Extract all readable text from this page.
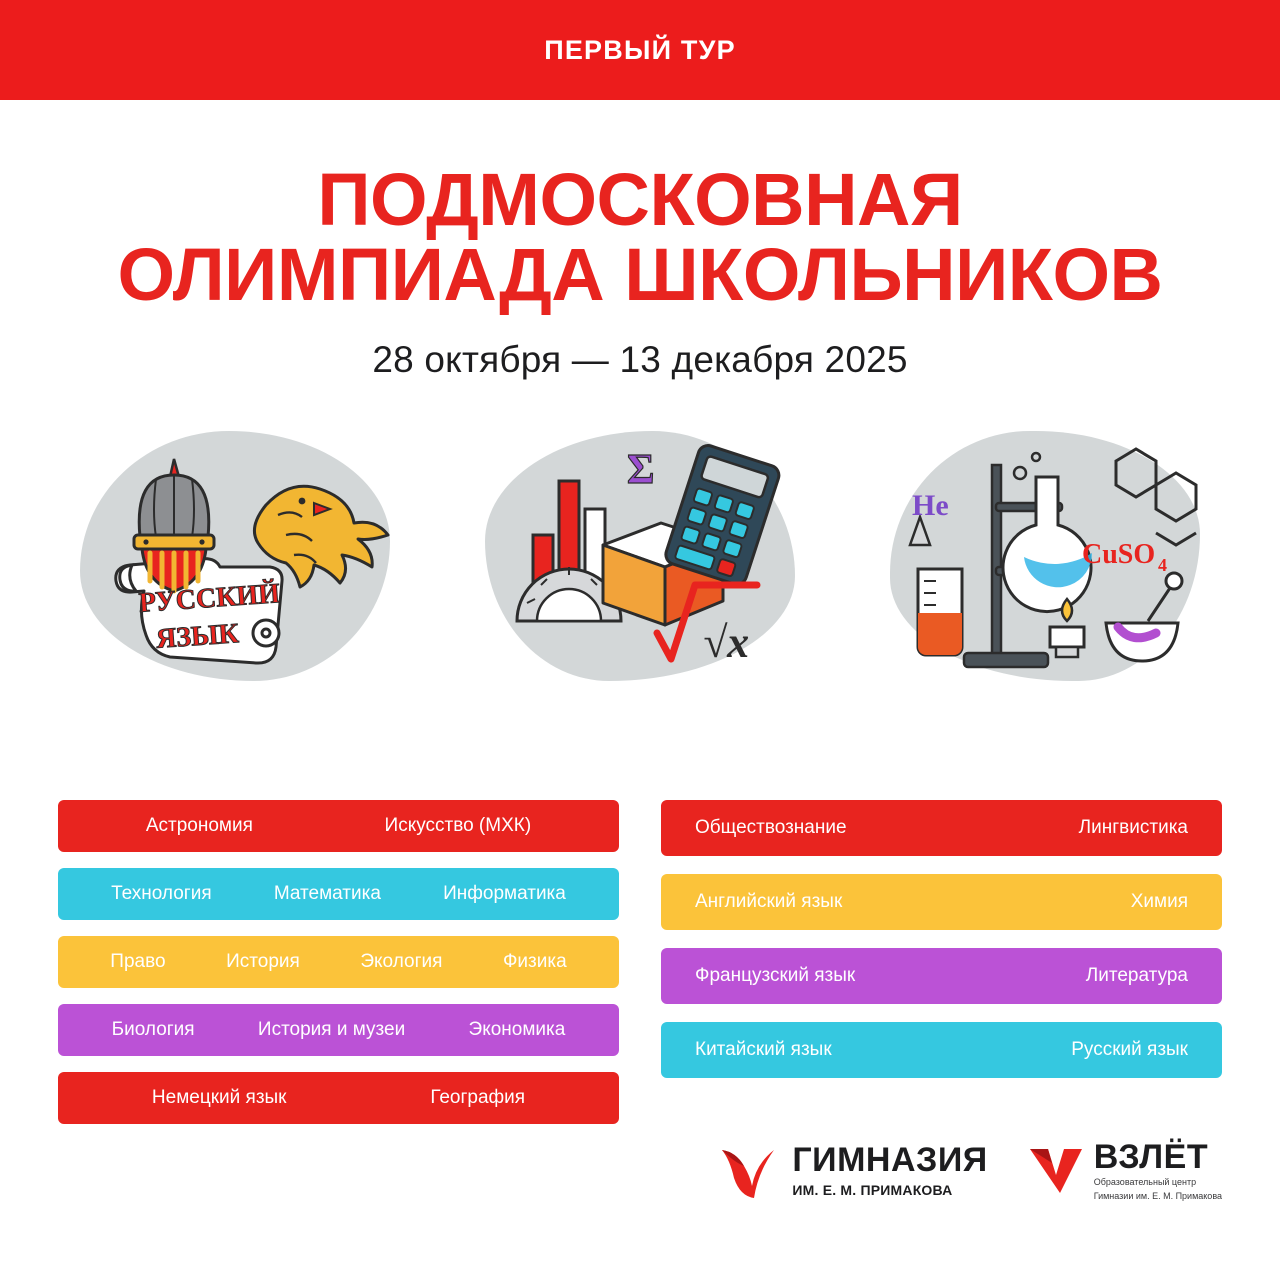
ПЕРВЫЙ ТУР
ПОДМОСКОВНАЯ
ОЛИМПИАДА ШКОЛЬНИКОВ
28 октября — 13 декабря 2025
РУССКИЙ
ЯЗЫК
Σ
√x
He
CuSO 4
Астрономия	Искусство (МХК)
Технология	Математика	Информатика
Право	История	Экология	Физика
Биология	История и музеи	Экономика
Немецкий язык	География
Обществознание	Лингвистика
Английский язык	Химия
Французский язык	Литература
Китайский язык	Русский язык
ГИМНАЗИЯ
ИМ. Е. М. ПРИМАКОВА
ВЗЛЁТ
Образовательный центр
Гимназии им. Е. М. Примакова
